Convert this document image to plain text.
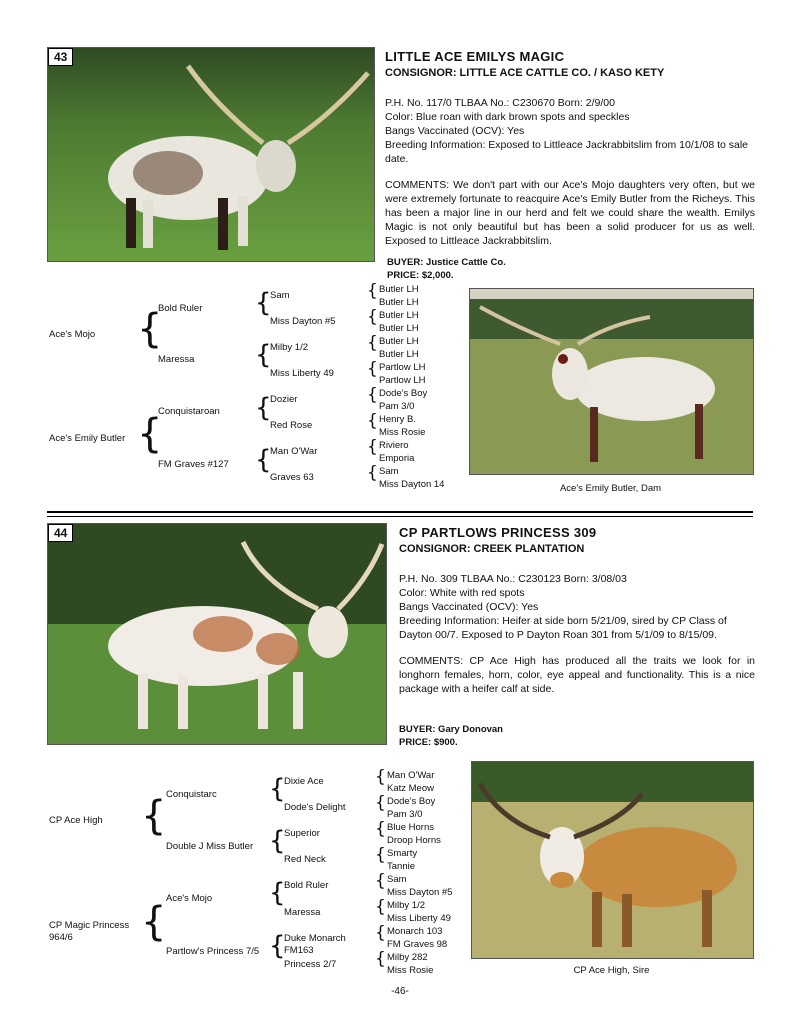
43	LITTLE ACE EMILYS MAGIC
CONSIGNOR: LITTLE ACE CATTLE CO. / KASO KETY
P.H. No. 117/0 TLBAA No.: C230670 Born: 2/9/00
Color: Blue roan with dark brown spots and speckles
Bangs Vaccinated (OCV): Yes
Breeding Information: Exposed to Littleace Jackrabbitslim from 10/1/08 to sale date.
COMMENTS: We don't part with our Ace's Mojo daughters very often, but we were extremely fortunate to reacquire Ace's Emily Butler from the Richeys. This has been a major line in our herd and felt we could share the wealth. Emilys Magic is not only beautiful but has been a solid producer for us as well. Exposed to Littleace Jackrabbitslim.
BUYER: Justice Cattle Co.
PRICE: $2,000.
Ace's Mojo
Ace's Emily Butler
{
{
Bold Ruler
Maressa
Conquistaroan
FM Graves #127
{
{
{
{
Sam
Miss Dayton #5
Milby 1/2
Miss Liberty 49
Dozier
Red Rose
Man O'War
Graves 63
{
{
{
{
{
{
{
{
Butler LH
Butler LH
Butler LH
Butler LH
Butler LH
Butler LH
Partlow LH
Partlow LH
Dode's Boy
Pam 3/0
Henry B.
Miss Rosie
Riviero
Emporia
Sam
Miss Dayton 14	Ace's Emily Butler, Dam
44	CP PARTLOWS PRINCESS 309
CONSIGNOR: CREEK PLANTATION
P.H. No. 309 TLBAA No.: C230123 Born: 3/08/03
Color: White with red spots
Bangs Vaccinated (OCV): Yes
Breeding Information: Heifer at side born 5/21/09, sired by CP Class of Dayton 00/7. Exposed to P Dayton Roan 301 from 5/1/09 to 8/15/09.
COMMENTS: CP Ace High has produced all the traits we look for in longhorn females, horn, color, eye appeal and functionality. This is a nice package with a heifer calf at side.
BUYER: Gary Donovan
PRICE: $900.
CP Ace High
CP Magic Princess
964/6
{
{
Conquistarc
Double J Miss Butler
Ace's Mojo
Partlow's Princess 7/5
{
{
{
{
Dixie Ace
Dode's Delight
Superior
Red Neck
Bold Ruler
Maressa
Duke Monarch
FM163
Princess 2/7
{
{
{
{
{
{
{
{
Man O'War
Katz Meow
Dode's Boy
Pam 3/0
Blue Horns
Droop Horns
Smarty
Tannie
Sam
Miss Dayton #5
Milby 1/2
Miss Liberty 49
Monarch 103
FM Graves 98
Milby 282
Miss Rosie	CP Ace High, Sire
-46-
